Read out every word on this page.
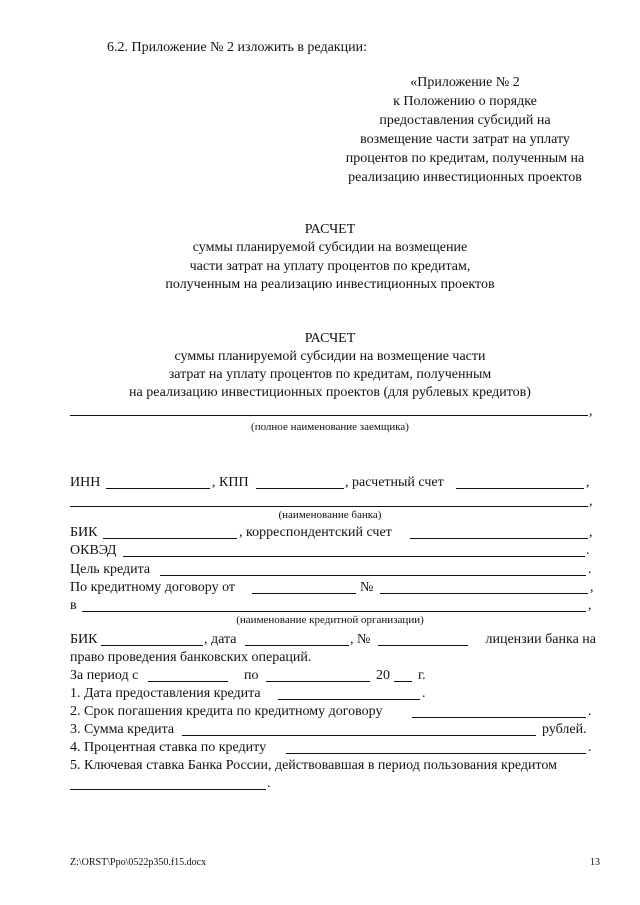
6.2. Приложение № 2 изложить в редакции:
«Приложение № 2
к Положению о порядке
предоставления субсидий на
возмещение части затрат на уплату
процентов по кредитам, полученным на
реализацию инвестиционных проектов
РАСЧЕТ
суммы планируемой субсидии на возмещение
части затрат на уплату процентов по кредитам,
полученным на реализацию инвестиционных проектов
РАСЧЕТ
суммы планируемой субсидии на возмещение части
затрат на уплату процентов по кредитам, полученным
на реализацию инвестиционных проектов (для рублевых кредитов)
,
(полное наименование заемщика)
ИНН	, КПП	, расчетный счет	,
,
(наименование банка)
БИК	, корреспондентский счет	,
ОКВЭД	.
Цель кредита	.
По кредитному договору от	№	,
в	,
(наименование кредитной организации)
БИК	, дата	, №	лицензии банка на
право проведения банковских операций.
За период с	по	20 г.
1. Дата предоставления кредита	.
2. Срок погашения кредита по кредитному договору	.
3. Сумма кредита	рублей.
4. Процентная ставка по кредиту	.
5. Ключевая ставка Банка России, действовавшая в период пользования кредитом
.
Z:\ORST\Ppo\0522p350.f15.docx	13
